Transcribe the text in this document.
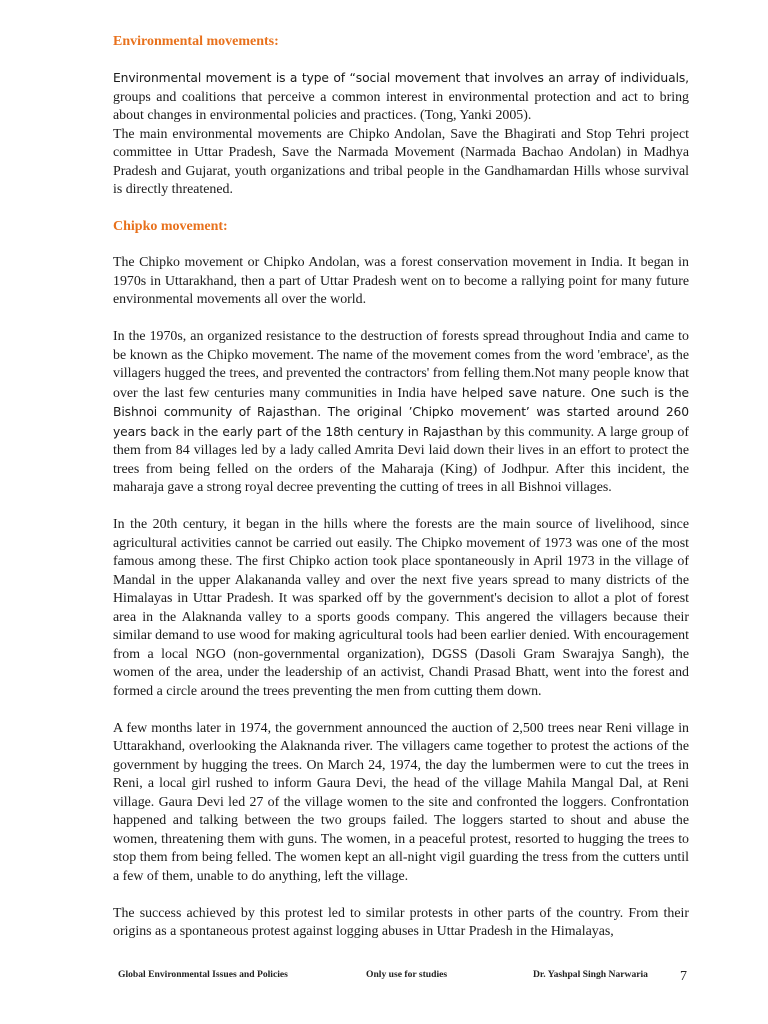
Environmental movements:

Environmental movement is a type of “social movement that involves an array of individuals, groups and coalitions that perceive a common interest in environmental protection and act to bring about changes in environmental policies and practices. (Tong, Yanki 2005).

The main environmental movements are Chipko Andolan, Save the Bhagirati and Stop Tehri project committee in Uttar Pradesh, Save the Narmada Movement (Narmada Bachao Andolan) in Madhya Pradesh and Gujarat, youth organizations and tribal people in the Gandhamardan Hills whose survival is directly threatened.

Chipko movement:

The Chipko movement or Chipko Andolan, was a forest conservation movement in India. It began in 1970s in Uttarakhand, then a part of Uttar Pradesh went on to become a rallying point for many future environmental movements all over the world.

In the 1970s, an organized resistance to the destruction of forests spread throughout India and came to be known as the Chipko movement. The name of the movement comes from the word 'embrace', as the villagers hugged the trees, and prevented the contractors' from felling them.Not many people know that over the last few centuries many communities in India have helped save nature. One such is the Bishnoi community of Rajasthan. The original ’Chipko movement’ was started around 260 years back in the early part of the 18th century in Rajasthan by this community. A large group of them from 84 villages led by a lady called Amrita Devi laid down their lives in an effort to protect the trees from being felled on the orders of the Maharaja (King) of Jodhpur. After this incident, the maharaja gave a strong royal decree preventing the cutting of trees in all Bishnoi villages.

In the 20th century, it began in the hills where the forests are the main source of livelihood, since agricultural activities cannot be carried out easily. The Chipko movement of 1973 was one of the most famous among these. The first Chipko action took place spontaneously in April 1973 in the village of Mandal in the upper Alakananda valley and over the next five years spread to many districts of the Himalayas in Uttar Pradesh. It was sparked off by the government's decision to allot a plot of forest area in the Alaknanda valley to a sports goods company. This angered the villagers because their similar demand to use wood for making agricultural tools had been earlier denied. With encouragement from a local NGO (non-governmental organization), DGSS (Dasoli Gram Swarajya Sangh), the women of the area, under the leadership of an activist, Chandi Prasad Bhatt, went into the forest and formed a circle around the trees preventing the men from cutting them down.

A few months later in 1974, the government announced the auction of 2,500 trees near Reni village in Uttarakhand, overlooking the Alaknanda river. The villagers came together to protest the actions of the government by hugging the trees. On March 24, 1974, the day the lumbermen were to cut the trees in Reni, a local girl rushed to inform Gaura Devi, the head of the village Mahila Mangal Dal, at Reni village. Gaura Devi led 27 of the village women to the site and confronted the loggers. Confrontation happened and talking between the two groups failed. The loggers started to shout and abuse the women, threatening them with guns. The women, in a peaceful protest, resorted to hugging the trees to stop them from being felled. The women kept an all-night vigil guarding the tress from the cutters until a few of them, unable to do anything, left the village.

The success achieved by this protest led to similar protests in other parts of the country. From their origins as a spontaneous protest against logging abuses in Uttar Pradesh in the Himalayas,

Global Environmental Issues and Policies	Only use for studies	Dr. Yashpal Singh Narwaria 7
